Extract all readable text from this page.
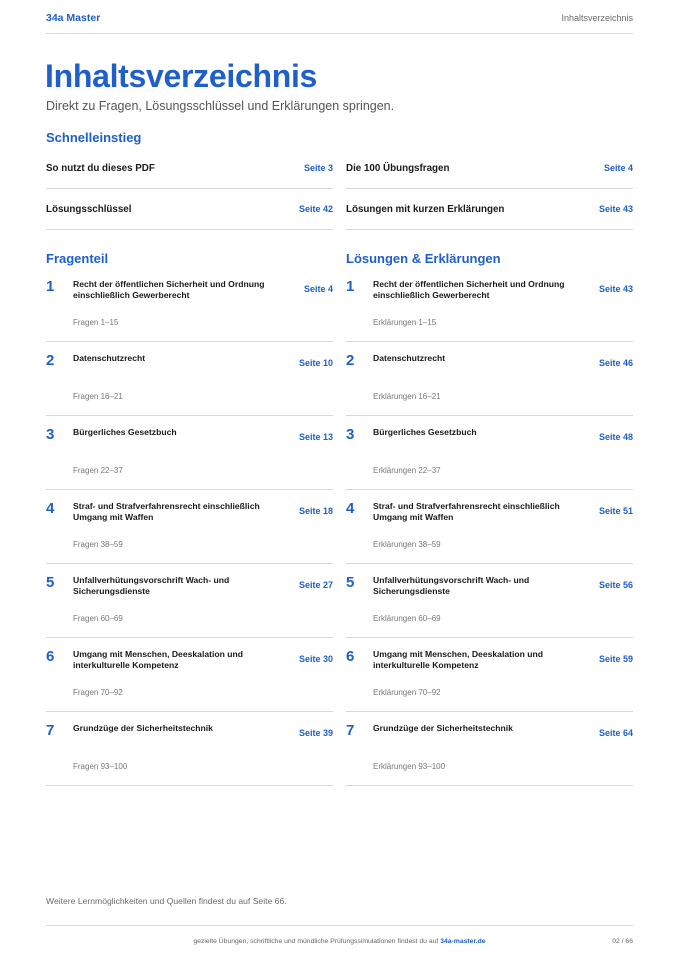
34a Master	Inhaltsverzeichnis
Inhaltsverzeichnis
Direkt zu Fragen, Lösungsschlüssel und Erklärungen springen.
Schnelleinstieg
So nutzt du dieses PDF	Seite 3
Lösungsschlüssel	Seite 42
Die 100 Übungsfragen	Seite 4
Lösungen mit kurzen Erklärungen	Seite 43
Fragenteil	Lösungen & Erklärungen
1 Recht der öffentlichen Sicherheit und Ordnung einschließlich Gewerberecht
Seite 4
Fragen 1–15
2 Datenschutzrecht	Seite 10
Fragen 16–21
3 Bürgerliches Gesetzbuch	Seite 13
Fragen 22–37
4 Straf- und Strafverfahrensrecht einschließlich Umgang mit Waffen
Seite 18
Fragen 38–59
5 Unfallverhütungsvorschrift Wach- und Sicherungsdienste
Seite 27
Fragen 60–69
6 Umgang mit Menschen, Deeskalation und interkulturelle Kompetenz
Seite 30
Fragen 70–92
7 Grundzüge der Sicherheitstechnik	Seite 39
Fragen 93–100
1 Recht der öffentlichen Sicherheit und Ordnung einschließlich Gewerberecht
Seite 43
Erklärungen 1–15
2 Datenschutzrecht	Seite 46
Erklärungen 16–21
3 Bürgerliches Gesetzbuch	Seite 48
Erklärungen 22–37
4 Straf- und Strafverfahrensrecht einschließlich Umgang mit Waffen
Seite 51
Erklärungen 38–59
5 Unfallverhütungsvorschrift Wach- und Sicherungsdienste
Seite 56
Erklärungen 60–69
6 Umgang mit Menschen, Deeskalation und interkulturelle Kompetenz
Seite 59
Erklärungen 70–92
7 Grundzüge der Sicherheitstechnik	Seite 64
Erklärungen 93–100
Weitere Lernmöglichkeiten und Quellen findest du auf Seite 66.
gezielte Übungen, schriftliche und mündliche Prüfungssimulationen findest du auf 34a-master.de	02 / 66
